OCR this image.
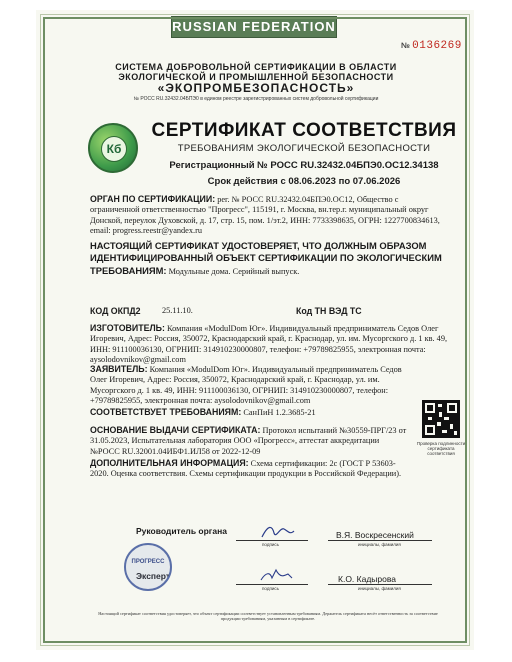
RUSSIAN FEDERATION
№ 0136269
СИСТЕМА ДОБРОВОЛЬНОЙ СЕРТИФИКАЦИИ В ОБЛАСТИ
ЭКОЛОГИЧЕСКОЙ И ПРОМЫШЛЕННОЙ БЕЗОПАСНОСТИ
«ЭКОПРОМБЕЗОПАСНОСТЬ»
№ РОСС RU.32432.04БПЭ0 в едином реестре зарегистрированных систем добровольной сертификации
Кб
СЕРТИФИКАТ СООТВЕТСТВИЯ
ТРЕБОВАНИЯМ ЭКОЛОГИЧЕСКОЙ БЕЗОПАСНОСТИ
Регистрационный № РОСС RU.32432.04БПЭ0.ОС12.34138
Срок действия с 08.06.2023 по 07.06.2026
ОРГАН ПО СЕРТИФИКАЦИИ: рег. № РОСС RU.32432.04БПЭ0.ОС12, Общество с ограниченной ответственностью "Прогресс", 115191, г. Москва, вн.тер.г. муниципальный округ Донской, переулок Духовской, д. 17, стр. 15, пом. 1/эт.2, ИНН: 7733398635, ОГРН: 1227700834613, email: progress.reestr@yandex.ru
НАСТОЯЩИЙ СЕРТИФИКАТ УДОСТОВЕРЯЕТ, ЧТО ДОЛЖНЫМ ОБРАЗОМ ИДЕНТИФИЦИРОВАННЫЙ ОБЪЕКТ СЕРТИФИКАЦИИ ПО ЭКОЛОГИЧЕСКИМ ТРЕБОВАНИЯМ: Модульные дома. Серийный выпуск.
КОД ОКПД2	25.11.10.	Код ТН ВЭД ТС
ИЗГОТОВИТЕЛЬ: Компания «ModulDom Юг». Индивидуальный предприниматель Седов Олег Игоревич, Адрес: Россия, 350072, Краснодарский край, г. Краснодар, ул. им. Мусоргского д. 1 кв. 49, ИНН: 911100036130, ОГРНИП: 314910230000807, телефон: +79789825955, электронная почта: aysolodovnikov@gmail.com
ЗАЯВИТЕЛЬ: Компания «ModulDom Юг». Индивидуальный предприниматель Седов Олег Игоревич, Адрес: Россия, 350072, Краснодарский край, г. Краснодар, ул. им. Мусоргского д. 1 кв. 49, ИНН: 911100036130, ОГРНИП: 314910230000807, телефон: +79789825955, электронная почта: aysolodovnikov@gmail.com
СООТВЕТСТВУЕТ ТРЕБОВАНИЯМ: СанПиН 1.2.3685-21
ОСНОВАНИЕ ВЫДАЧИ СЕРТИФИКАТА: Протокол испытаний №30559-ПРГ/23 от 31.05.2023, Испытательная лаборатория ООО «Прогресс», аттестат аккредитации №РОСС RU.32001.04ИБФ1.ИЛ58 от 2022-12-09
ДОПОЛНИТЕЛЬНАЯ ИНФОРМАЦИЯ: Схема сертификации: 2с (ГОСТ Р 53603-2020. Оценка соответствия. Схемы сертификации продукции в Российской Федерации).
Проверка подлинности сертификата соответствия
Руководитель органа
подпись
В.Я. Воскресенский
инициалы, фамилия
Эксперт
подпись
К.О. Кадырова
инициалы, фамилия
ПРОГРЕСС
Настоящий сертификат соответствия удостоверяет, что объект сертификации соответствует установленным требованиям. Держатель сертификата несёт ответственность за соответствие продукции требованиям, указанным в сертификате.
